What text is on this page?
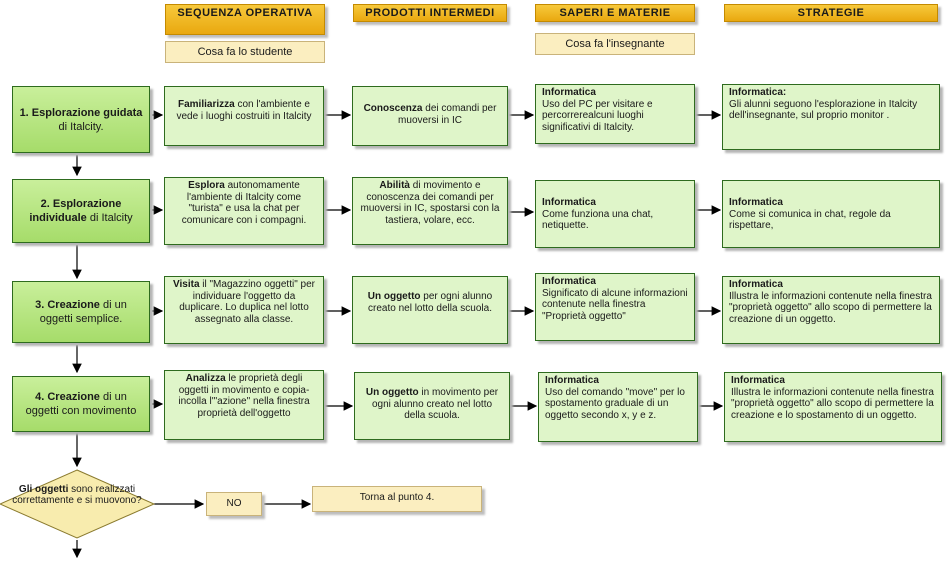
SEQUENZA OPERATIVA	PRODOTTI INTERMEDI	SAPERI E MATERIE	STRATEGIE
Cosa fa lo studente
Cosa fa l'insegnante
1. Esplorazione guidata di Italcity.
Familiarizza con l'ambiente e vede i luoghi costruiti in Italcity
Conoscenza dei comandi per muoversi in IC
Informatica
Uso del PC per visitare e percorrerealcuni luoghi significativi di Italcity.
Informatica:
Gli alunni seguono l'esplorazione in Italcity dell'insegnante, sul proprio monitor .
2. Esplorazione individuale di Italcity
Esplora autonomamente l'ambiente di Italcity come "turista" e usa la chat per comunicare con i compagni.
Abilità di movimento e conoscenza dei comandi per muoversi in IC, spostarsi con la tastiera, volare, ecc.
Informatica
Come funziona una chat, netiquette.
Informatica
Come si comunica in chat, regole da rispettare,
3. Creazione di un oggetti semplice.
Visita il "Magazzino oggetti" per individuare l'oggetto da duplicare. Lo duplica nel lotto assegnato alla classe.
Un oggetto per ogni alunno creato nel lotto della scuola.
Informatica
Significato di alcune informazioni contenute nella finestra "Proprietà oggetto"
Informatica
Illustra le informazioni contenute nella finestra "proprietà oggetto" allo scopo di permettere la creazione di un oggetto.
4. Creazione di un oggetti con movimento
Analizza le proprietà degli oggetti in movimento e copia-incolla l'"azione" nella finestra proprietà dell'oggetto
Un oggetto in movimento per ogni alunno creato nel lotto della scuola.
Informatica
Uso del comando "move" per lo spostamento graduale di un oggetto secondo x, y e z.
Informatica
Illustra le informazioni contenute nella finestra "proprietà oggetto" allo scopo di permettere la creazione e lo spostamento di un oggetto.
Gli oggetti sono realizzati correttamente e si muovono?	NO
Torna al punto 4.
